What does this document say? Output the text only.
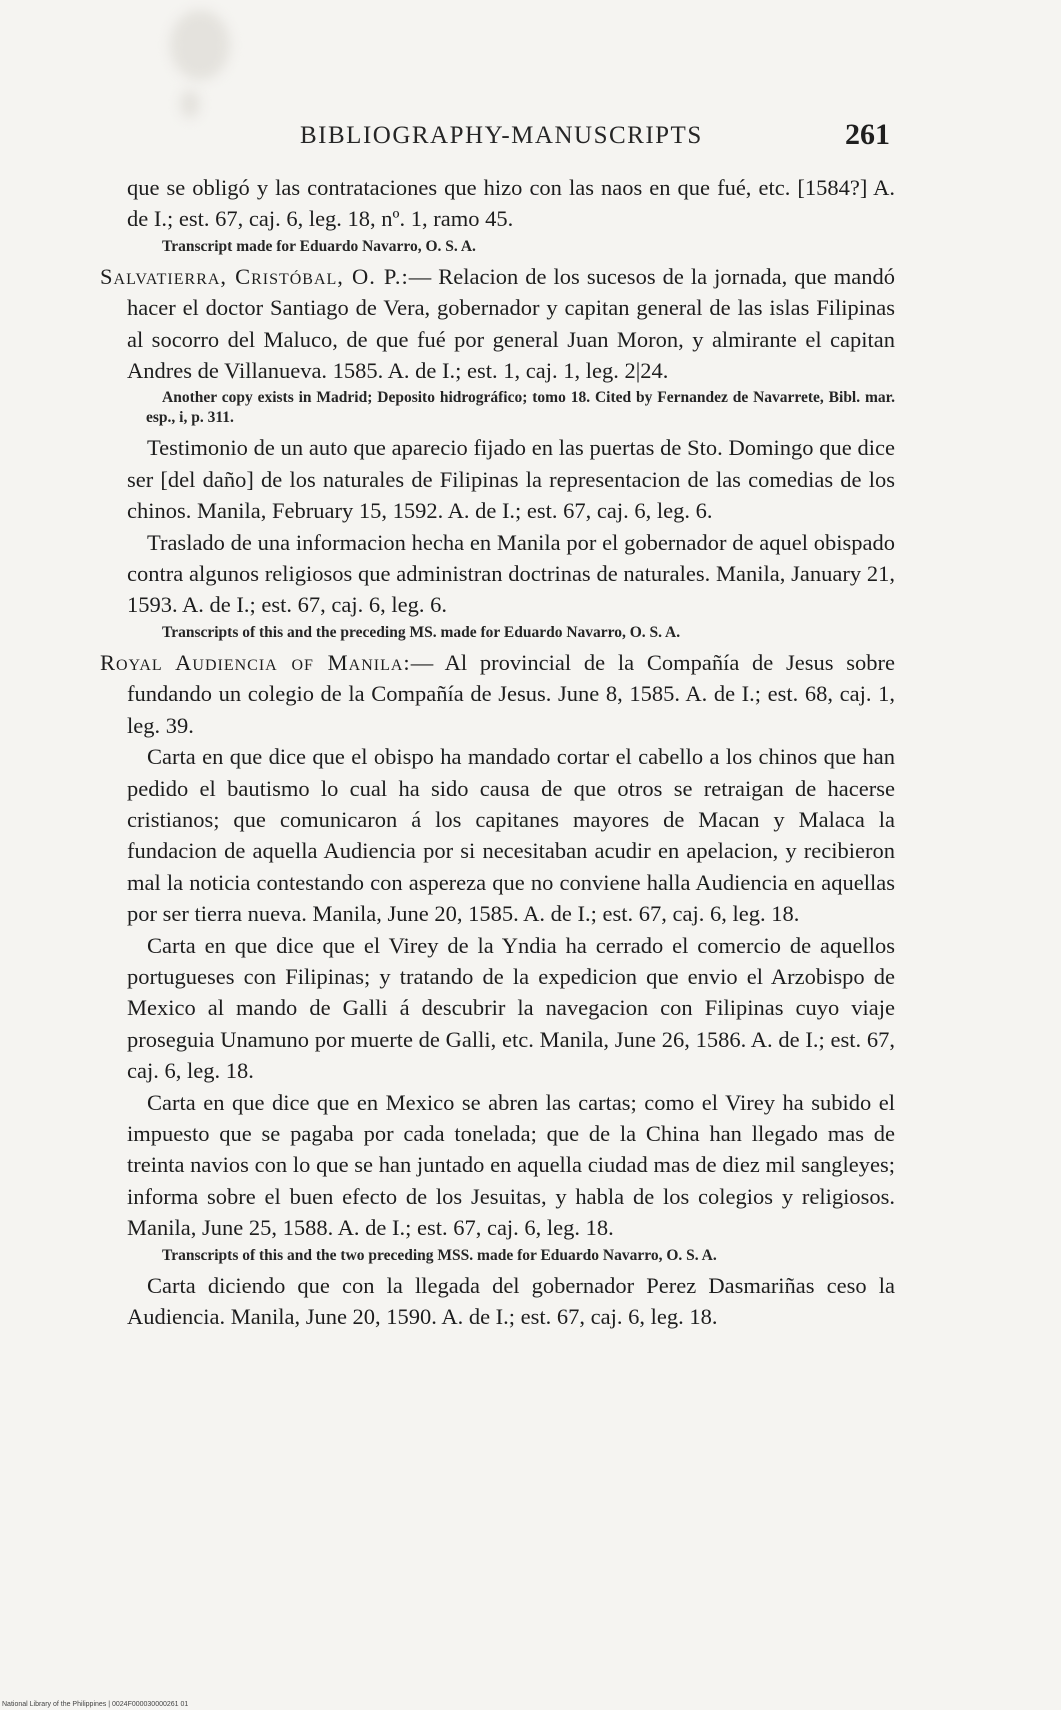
BIBLIOGRAPHY-MANUSCRIPTS	261

que se obligó y las contrataciones que hizo con las naos en que fué, etc. [1584?] A. de I.; est. 67, caj. 6, leg. 18, nº. 1, ramo 45.

Transcript made for Eduardo Navarro, O. S. A.

Salvatierra, Cristóbal, O. P.:— Relacion de los sucesos de la jornada, que mandó hacer el doctor Santiago de Vera, gobernador y capitan general de las islas Filipinas al socorro del Maluco, de que fué por general Juan Moron, y almirante el capitan Andres de Villanueva. 1585. A. de I.; est. 1, caj. 1, leg. 2|24.

Another copy exists in Madrid; Deposito hidrográfico; tomo 18. Cited by Fernandez de Navarrete, Bibl. mar. esp., i, p. 311.

Testimonio de un auto que aparecio fijado en las puertas de Sto. Domingo que dice ser [del daño] de los naturales de Filipinas la representacion de las comedias de los chinos. Manila, February 15, 1592. A. de I.; est. 67, caj. 6, leg. 6.

Traslado de una informacion hecha en Manila por el gobernador de aquel obispado contra algunos religiosos que administran doctrinas de naturales. Manila, January 21, 1593. A. de I.; est. 67, caj. 6, leg. 6.

Transcripts of this and the preceding MS. made for Eduardo Navarro, O. S. A.

Royal Audiencia of Manila:— Al provincial de la Compañía de Jesus sobre fundando un colegio de la Compañía de Jesus. June 8, 1585. A. de I.; est. 68, caj. 1, leg. 39.

Carta en que dice que el obispo ha mandado cortar el cabello a los chinos que han pedido el bautismo lo cual ha sido causa de que otros se retraigan de hacerse cristianos; que comunicaron á los capitanes mayores de Macan y Malaca la fundacion de aquella Audiencia por si necesitaban acudir en apelacion, y recibieron mal la noticia contestando con aspereza que no conviene halla Audiencia en aquellas por ser tierra nueva. Manila, June 20, 1585. A. de I.; est. 67, caj. 6, leg. 18.

Carta en que dice que el Virey de la Yndia ha cerrado el comercio de aquellos portugueses con Filipinas; y tratando de la expedicion que envio el Arzobispo de Mexico al mando de Galli á descubrir la navegacion con Filipinas cuyo viaje proseguia Unamuno por muerte de Galli, etc. Manila, June 26, 1586. A. de I.; est. 67, caj. 6, leg. 18.

Carta en que dice que en Mexico se abren las cartas; como el Virey ha subido el impuesto que se pagaba por cada tonelada; que de la China han llegado mas de treinta navios con lo que se han juntado en aquella ciudad mas de diez mil sangleyes; informa sobre el buen efecto de los Jesuitas, y habla de los colegios y religiosos. Manila, June 25, 1588. A. de I.; est. 67, caj. 6, leg. 18.

Transcripts of this and the two preceding MSS. made for Eduardo Navarro, O. S. A.

Carta diciendo que con la llegada del gobernador Perez Dasmariñas ceso la Audiencia. Manila, June 20, 1590. A. de I.; est. 67, caj. 6, leg. 18.

National Library of the Philippines | 0024F000030000261 01
